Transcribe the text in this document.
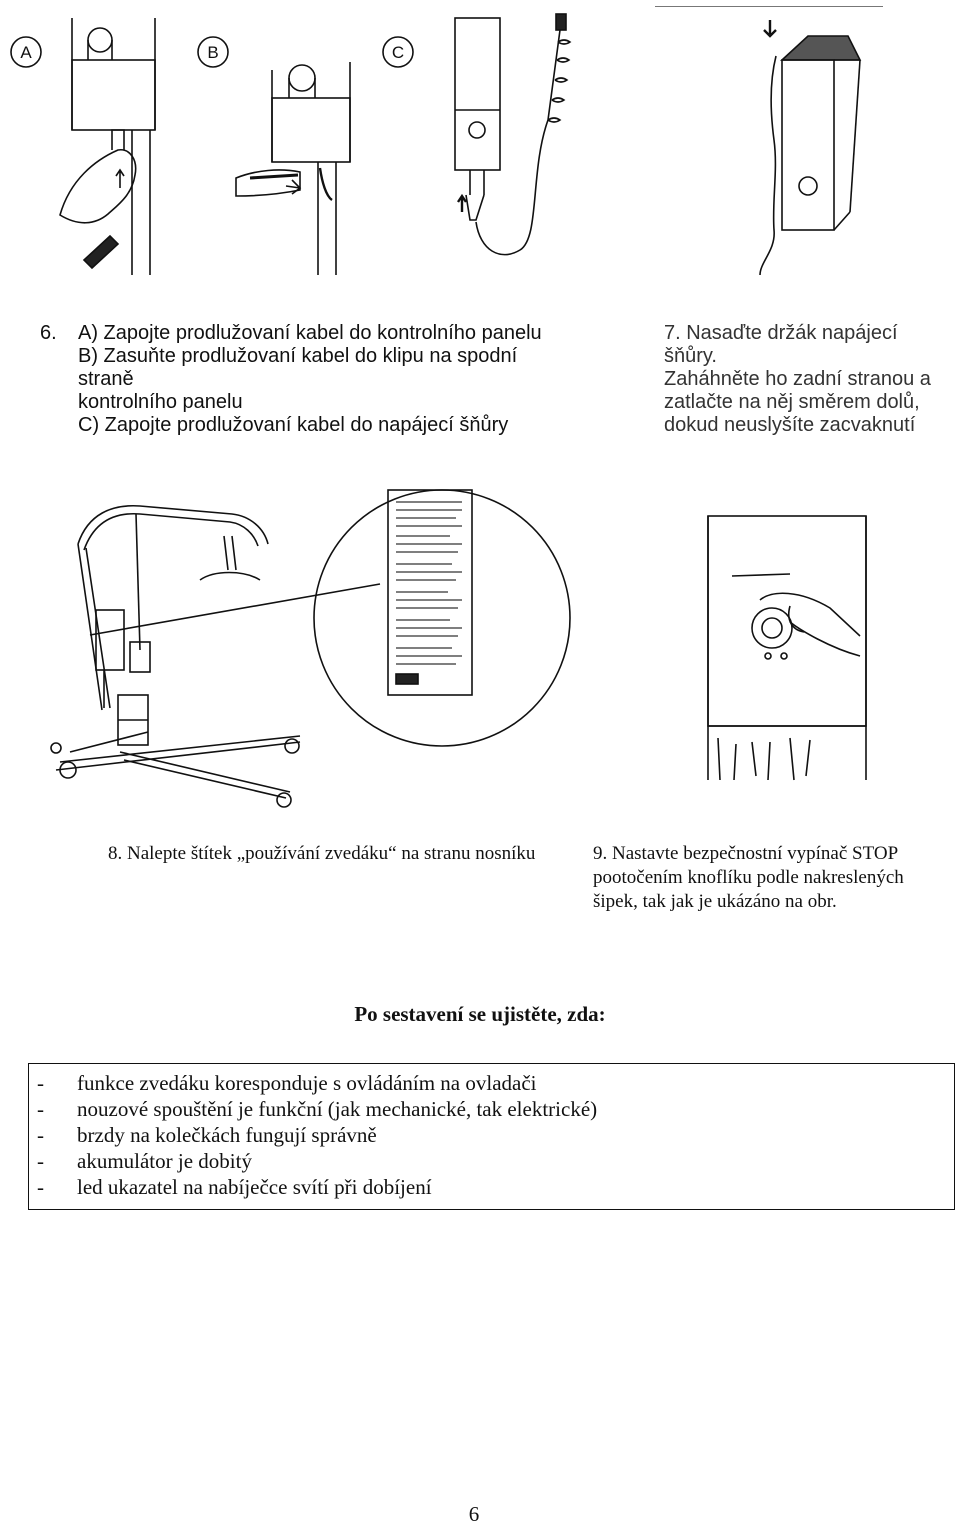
A	B	C
6.	A) Zapojte prodlužovaní kabel do kontrolního panelu
B) Zasuňte prodlužovaní kabel do klipu na spodní straně
kontrolního panelu
C) Zapojte prodlužovaní kabel do napájecí šňůry
7. Nasaďte držák napájecí šňůry.
Zaháhněte ho zadní stranou a
zatlačte na něj směrem dolů,
dokud neuslyšíte zacvaknutí
8. Nalepte štítek „používání zvedáku“ na stranu nosníku	9. Nastavte bezpečnostní vypínač STOP
pootočením knoflíku podle nakreslených
šipek, tak jak je ukázáno na obr.
Po sestavení se ujistěte, zda:
-	funkce zvedáku koresponduje s ovládáním na ovladači
-	nouzové spouštění je funkční (jak mechanické, tak elektrické)
-	brzdy na kolečkách fungují správně
-	akumulátor je dobitý
-	led ukazatel na nabíječce svítí při dobíjení
6
